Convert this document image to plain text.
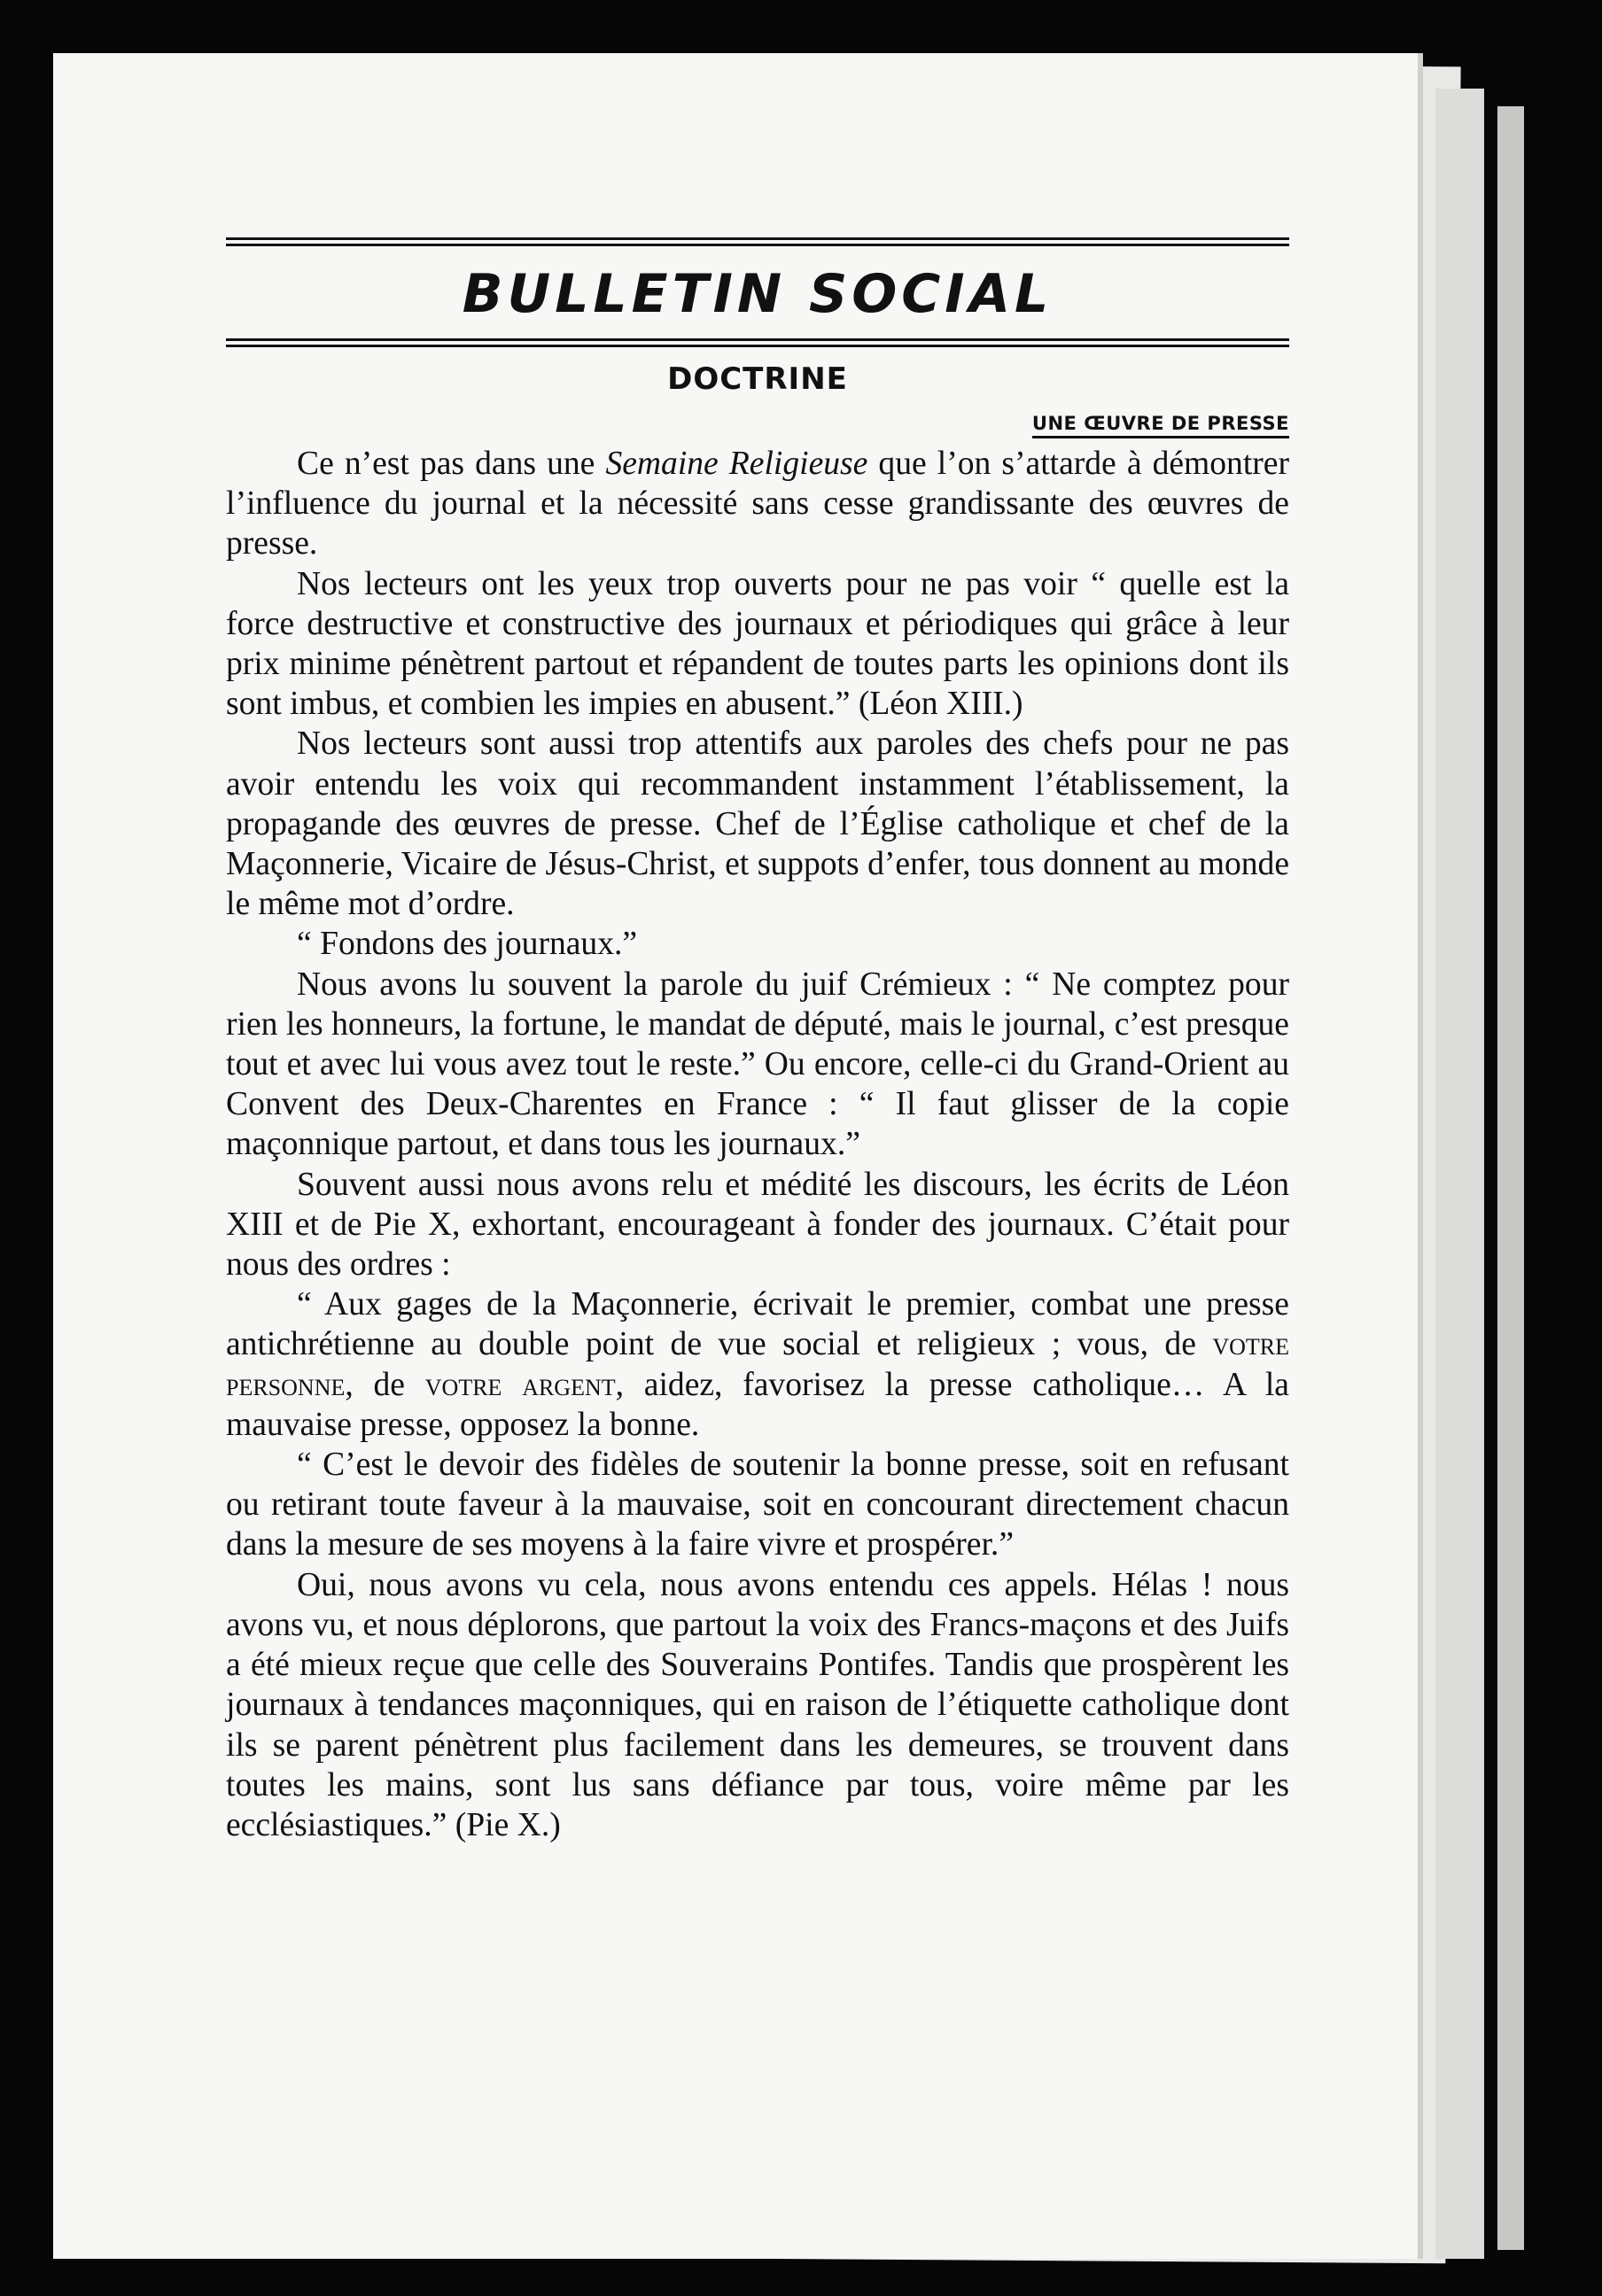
BULLETIN SOCIAL
DOCTRINE
UNE ŒUVRE DE PRESSE

Ce n’est pas dans une Semaine Religieuse que l’on s’attarde à démontrer l’influence du journal et la nécessité sans cesse grandissante des œuvres de presse.

Nos lecteurs ont les yeux trop ouverts pour ne pas voir “ quelle est la force destructive et constructive des journaux et périodiques qui grâce à leur prix minime pénètrent partout et répandent de toutes parts les opinions dont ils sont imbus, et combien les impies en abusent.” (Léon XIII.)

Nos lecteurs sont aussi trop attentifs aux paroles des chefs pour ne pas avoir entendu les voix qui recommandent instamment l’établissement, la propagande des œuvres de presse. Chef de l’Église catholique et chef de la Maçonnerie, Vicaire de Jésus-Christ, et suppots d’enfer, tous donnent au monde le même mot d’ordre.

“ Fondons des journaux.”

Nous avons lu souvent la parole du juif Crémieux : “ Ne comptez pour rien les honneurs, la fortune, le mandat de député, mais le journal, c’est presque tout et avec lui vous avez tout le reste.” Ou encore, celle-ci du Grand-Orient au Convent des Deux-Charentes en France : “ Il faut glisser de la copie maçonnique partout, et dans tous les journaux.”

Souvent aussi nous avons relu et médité les discours, les écrits de Léon XIII et de Pie X, exhortant, encourageant à fonder des journaux. C’était pour nous des ordres :

“ Aux gages de la Maçonnerie, écrivait le premier, combat une presse antichrétienne au double point de vue social et religieux ; vous, de votre personne, de votre argent, aidez, favorisez la presse catholique… A la mauvaise presse, opposez la bonne.

“ C’est le devoir des fidèles de soutenir la bonne presse, soit en refusant ou retirant toute faveur à la mauvaise, soit en concourant directement chacun dans la mesure de ses moyens à la faire vivre et prospérer.”

Oui, nous avons vu cela, nous avons entendu ces appels. Hélas ! nous avons vu, et nous déplorons, que partout la voix des Francs-maçons et des Juifs a été mieux reçue que celle des Souverains Pontifes. Tandis que prospèrent les journaux à tendances maçonniques, qui en raison de l’étiquette catholique dont ils se parent pénètrent plus facilement dans les demeures, se trouvent dans toutes les mains, sont lus sans défiance par tous, voire même par les ecclésiastiques.” (Pie X.)
